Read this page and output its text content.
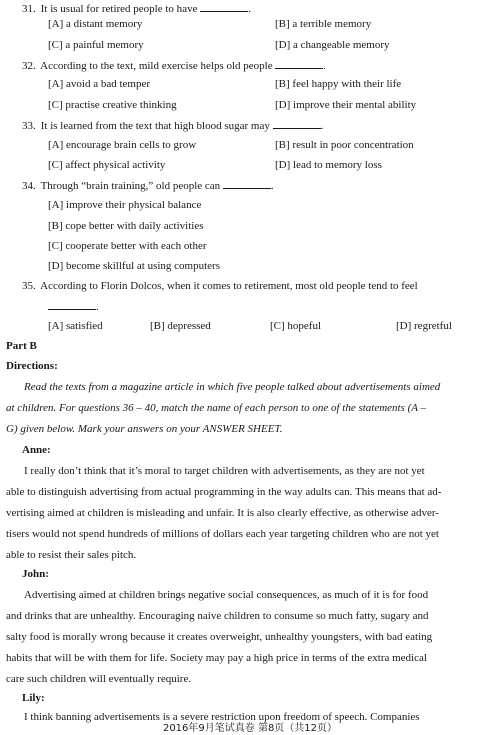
31. It is usual for retired people to have	.
[A] a distant memory	[B] a terrible memory
[C] a painful memory	[D] a changeable memory
32. According to the text, mild exercise helps old people	.
[A] avoid a bad temper	[B] feel happy with their life
[C] practise creative thinking	[D] improve their mental ability
33. It is learned from the text that high blood sugar may	.
[A] encourage brain cells to grow	[B] result in poor concentration
[C] affect physical activity	[D] lead to memory loss
34. Through “brain training,” old people can	.
[A] improve their physical balance
[B] cope better with daily activities
[C] cooperate better with each other
[D] become skillful at using computers
35. According to Florin Dolcos, when it comes to retirement, most old people tend to feel
.
[A] satisfied	[B] depressed	[C] hopeful	[D] regretful
Part B
Directions:
Read the texts from a magazine article in which five people talked about advertisements aimed
at children. For questions 36 – 40, match the name of each person to one of the statements (A –
G) given below. Mark your answers on your ANSWER SHEET.
Anne:
I really don’t think that it’s moral to target children with advertisements, as they are not yet
able to distinguish advertising from actual programming in the way adults can. This means that ad-
vertising aimed at children is misleading and unfair. It is also clearly effective, as otherwise adver-
tisers would not spend hundreds of millions of dollars each year targeting children who are not yet
able to resist their sales pitch.
John:
Advertising aimed at children brings negative social consequences, as much of it is for food
and drinks that are unhealthy. Encouraging naive children to consume so much fatty, sugary and
salty food is morally wrong because it creates overweight, unhealthy youngsters, with bad eating
habits that will be with them for life. Society may pay a high price in terms of the extra medical
care such children will eventually require.
Lily:
I think banning advertisements is a severe restriction upon freedom of speech. Companies
2016年9月笔试真卷 第8页（共12页）
